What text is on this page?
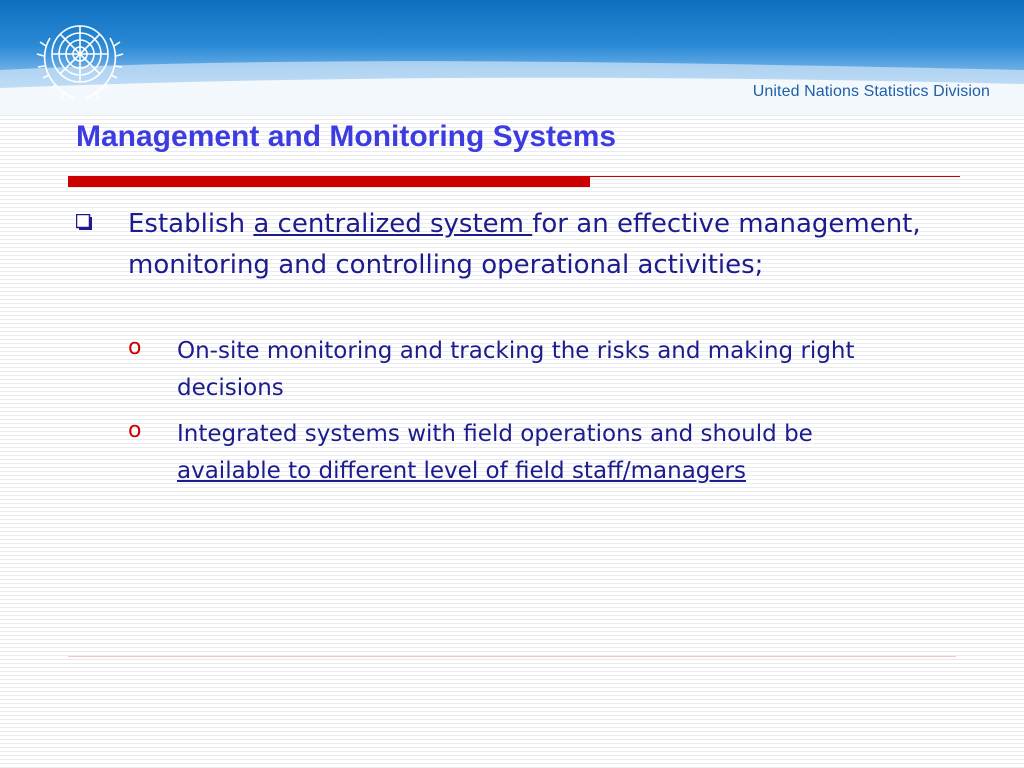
United Nations Statistics Division
Management and Monitoring Systems
Establish a centralized system for an effective management, monitoring and controlling operational activities;
o On-site monitoring and tracking the risks and making right
decisions
o Integrated systems with field operations and should be
available to different level of field staff/managers
